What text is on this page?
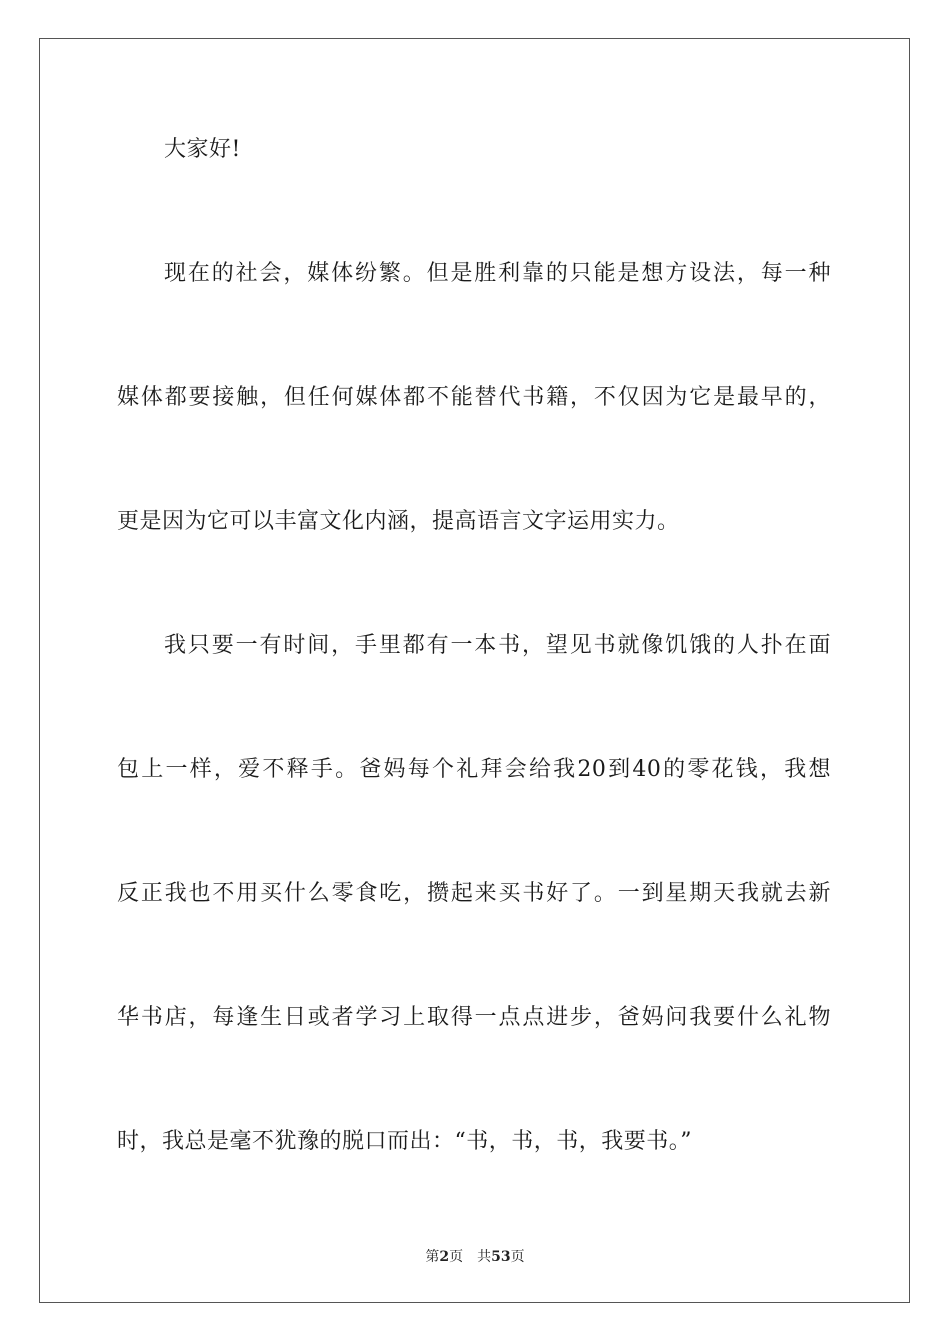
大家好!
现在的社会，媒体纷繁。但是胜利靠的只能是想方设法，每一种
媒体都要接触，但任何媒体都不能替代书籍，不仅因为它是最早的，
更是因为它可以丰富文化内涵，提高语言文字运用实力。
我只要一有时间，手里都有一本书，望见书就像饥饿的人扑在面
包上一样，爱不释手。爸妈每个礼拜会给我20到40的零花钱，我想
反正我也不用买什么零食吃，攒起来买书好了。一到星期天我就去新
华书店，每逢生日或者学习上取得一点点进步，爸妈问我要什么礼物
时，我总是毫不犹豫的脱口而出：“书，书，书，我要书。”
第2页 共53页
